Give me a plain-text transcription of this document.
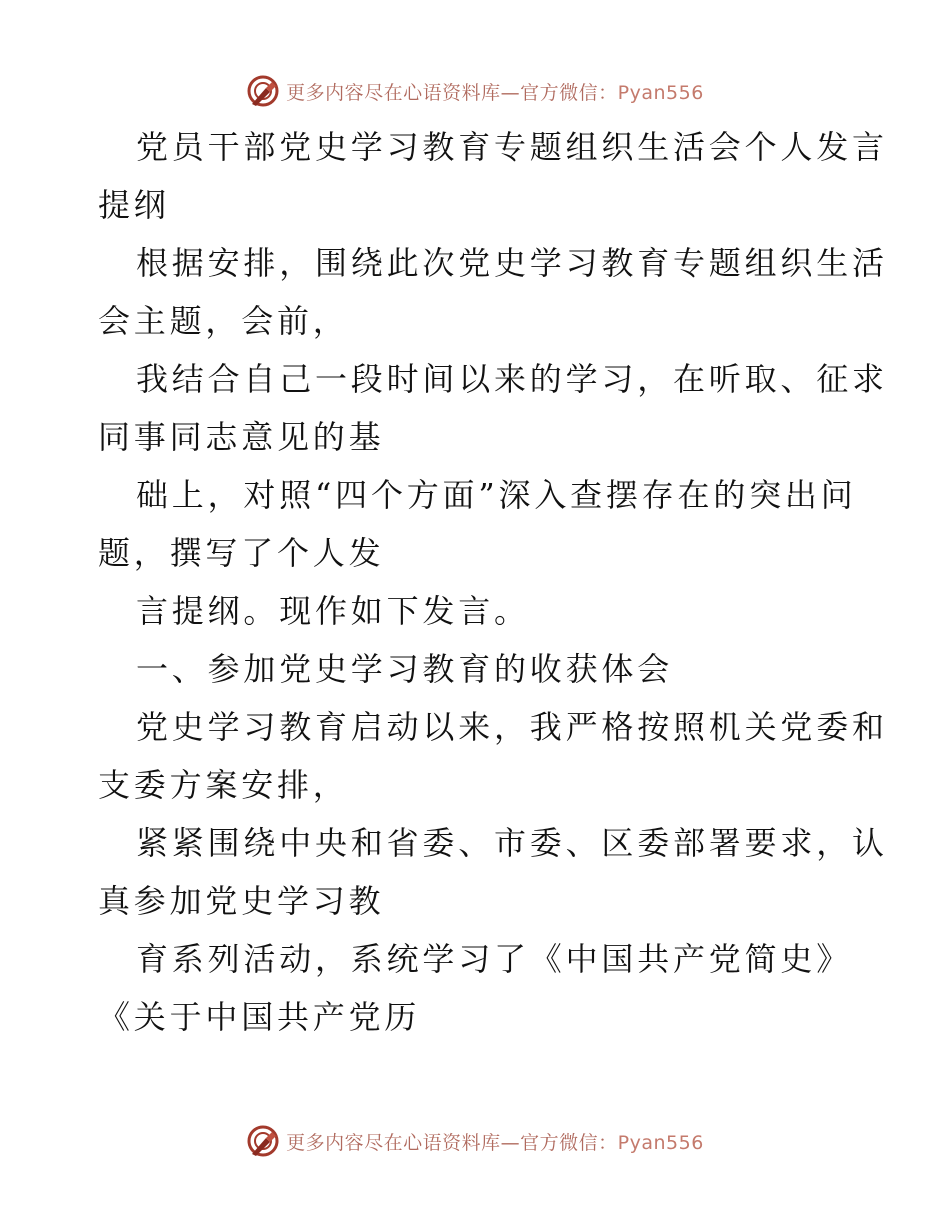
更多内容尽在心语资料库—官方微信：Pyan556
党员干部党史学习教育专题组织生活会个人发言
提纲
根据安排，围绕此次党史学习教育专题组织生活
会主题，会前，
我结合自己一段时间以来的学习，在听取、征求
同事同志意见的基
础上，对照“四个方面”深入查摆存在的突出问
题，撰写了个人发
言提纲。现作如下发言。
一、参加党史学习教育的收获体会
党史学习教育启动以来，我严格按照机关党委和
支委方案安排，
紧紧围绕中央和省委、市委、区委部署要求，认
真参加党史学习教
育系列活动，系统学习了《中国共产党简史》
《关于中国共产党历
更多内容尽在心语资料库—官方微信：Pyan556
